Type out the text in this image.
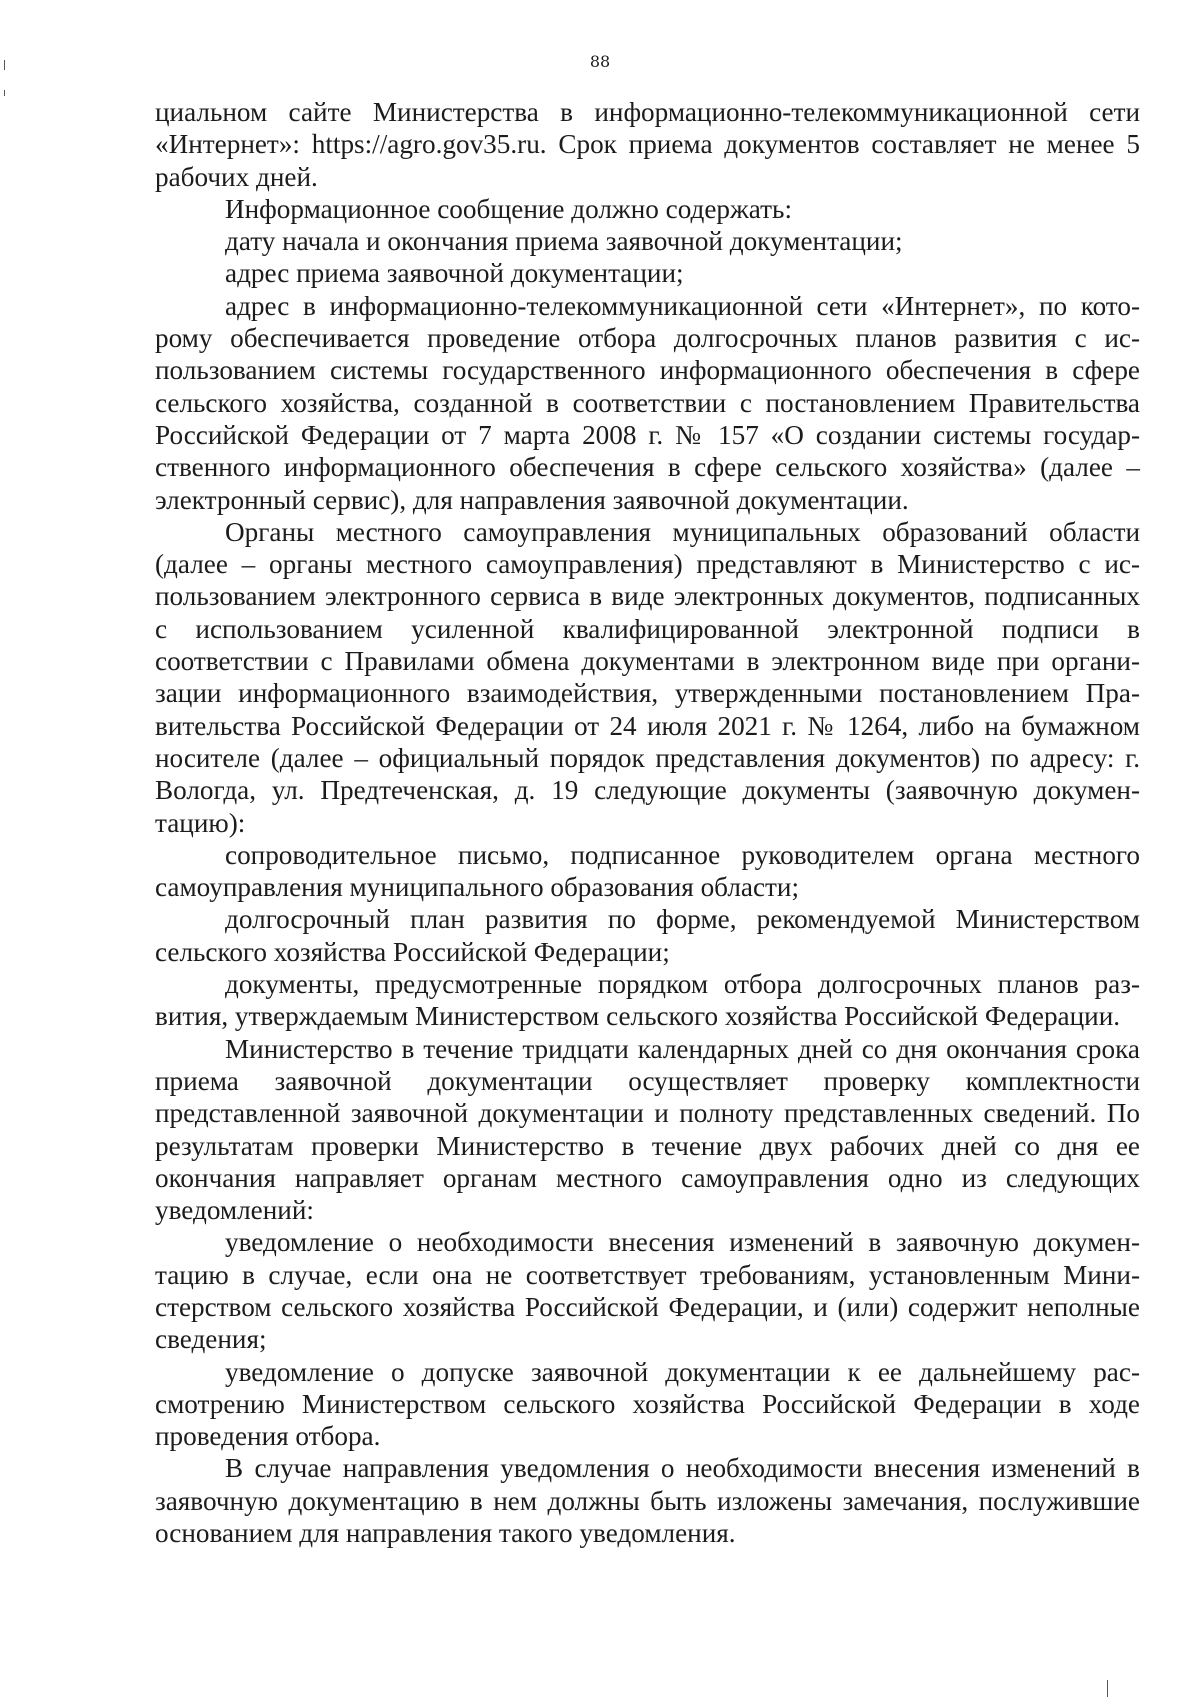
88

циальном сайте Министерства в информационно-телекоммуникационной сети «Интернет»: https://agro.gov35.ru. Срок приема документов составляет не менее 5 рабочих дней.

Информационное сообщение должно содержать:

дату начала и окончания приема заявочной документации;

адрес приема заявочной документации;

адрес в информационно-телекоммуникационной сети «Интернет», по которому обеспечивается проведение отбора долгосрочных планов развития с использованием системы государственного информационного обеспечения в сфере сельского хозяйства, созданной в соответствии с постановлением Правительства Российской Федерации от 7 марта 2008 г. № 157 «О создании системы государственного информационного обеспечения в сфере сельского хозяйства» (далее – электронный сервис), для направления заявочной документации.

Органы местного самоуправления муниципальных образований области (далее – органы местного самоуправления) представляют в Министерство с использованием электронного сервиса в виде электронных документов, подписанных с использованием усиленной квалифицированной электронной подписи в соответствии с Правилами обмена документами в электронном виде при организации информационного взаимодействия, утвержденными постановлением Правительства Российской Федерации от 24 июля 2021 г. № 1264, либо на бумажном носителе (далее – официальный порядок представления документов) по адресу: г. Вологда, ул. Предтеченская, д. 19 следующие документы (заявочную документацию):

сопроводительное письмо, подписанное руководителем органа местного самоуправления муниципального образования области;

долгосрочный план развития по форме, рекомендуемой Министерством сельского хозяйства Российской Федерации;

документы, предусмотренные порядком отбора долгосрочных планов развития, утверждаемым Министерством сельского хозяйства Российской Федерации.

Министерство в течение тридцати календарных дней со дня окончания срока приема заявочной документации осуществляет проверку комплектности представленной заявочной документации и полноту представленных сведений. По результатам проверки Министерство в течение двух рабочих дней со дня ее окончания направляет органам местного самоуправления одно из следующих уведомлений:

уведомление о необходимости внесения изменений в заявочную документацию в случае, если она не соответствует требованиям, установленным Министерством сельского хозяйства Российской Федерации, и (или) содержит неполные сведения;

уведомление о допуске заявочной документации к ее дальнейшему рассмотрению Министерством сельского хозяйства Российской Федерации в ходе проведения отбора.

В случае направления уведомления о необходимости внесения изменений в заявочную документацию в нем должны быть изложены замечания, послужившие основанием для направления такого уведомления.
